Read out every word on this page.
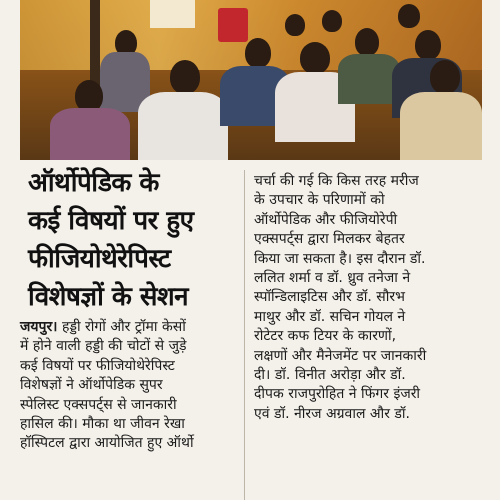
ऑर्थोपेडिक के
कई विषयों पर हुए
फीजियोथेरेपिस्ट
विशेषज्ञों के सेशन
जयपुर। हड्डी रोगों और ट्रॉमा केसों
में होने वाली हड्डी की चोटों से जुड़े
कई विषयों पर फीजियोथेरेपिस्ट
विशेषज्ञों ने ऑर्थोपेडिक सुपर
स्पेलिस्ट एक्सपर्ट्स से जानकारी
हासिल की। मौका था जीवन रेखा
हॉस्पिटल द्वारा आयोजित हुए ऑर्थो
चर्चा की गई कि किस तरह मरीज
के उपचार के परिणामों को
ऑर्थोपेडिक और फीजियोरेपी
एक्सपर्ट्स द्वारा मिलकर बेहतर
किया जा सकता है। इस दौरान डॉ.
ललित शर्मा व डॉ. ध्रुव तनेजा ने
स्पॉन्डिलाइटिस और डॉ. सौरभ
माथुर और डॉ. सचिन गोयल ने
रोटेटर कफ टियर के कारणों,
लक्षणों और मैनेजमेंट पर जानकारी
दी। डॉ. विनीत अरोड़ा और डॉ.
दीपक राजपुरोहित ने फिंगर इंजरी
एवं डॉ. नीरज अग्रवाल और डॉ.
